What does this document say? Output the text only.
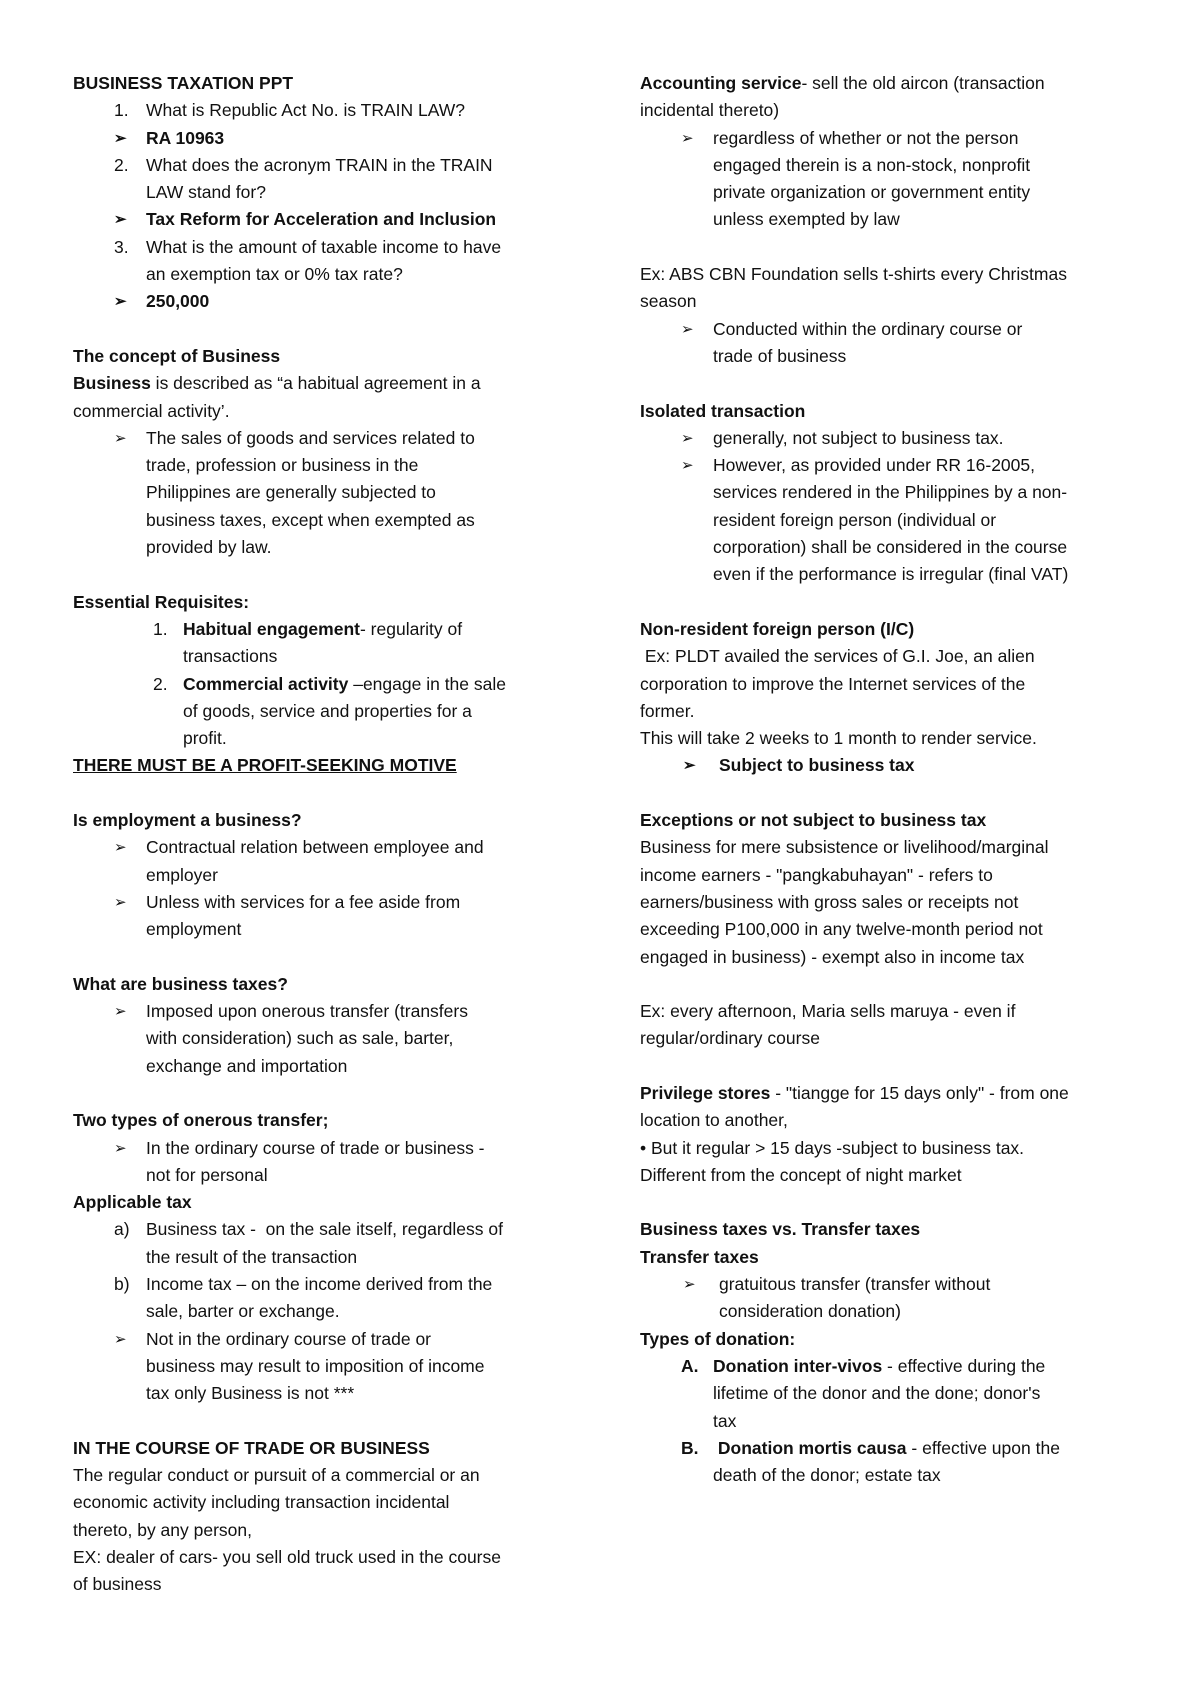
BUSINESS TAXATION PPT
1. What is Republic Act No. is TRAIN LAW?
➢ RA 10963
2. What does the acronym TRAIN in the TRAIN
LAW stand for?
➢ Tax Reform for Acceleration and Inclusion
3. What is the amount of taxable income to have
an exemption tax or 0% tax rate?
➢ 250,000
The concept of Business
Business is described as “a habitual agreement in a
commercial activity’.
➢ The sales of goods and services related to
trade, profession or business in the
Philippines are generally subjected to
business taxes, except when exempted as
provided by law.
Essential Requisites:
1. Habitual engagement- regularity of
transactions
2. Commercial activity –engage in the sale
of goods, service and properties for a
profit.
THERE MUST BE A PROFIT-SEEKING MOTIVE
Is employment a business?
➢ Contractual relation between employee and
employer
➢ Unless with services for a fee aside from
employment
What are business taxes?
➢ Imposed upon onerous transfer (transfers
with consideration) such as sale, barter,
exchange and importation
Two types of onerous transfer;
➢ In the ordinary course of trade or business -
not for personal
Applicable tax
a) Business tax -  on the sale itself, regardless of
the result of the transaction
b) Income tax – on the income derived from the
sale, barter or exchange.
➢ Not in the ordinary course of trade or
business may result to imposition of income
tax only Business is not ***
IN THE COURSE OF TRADE OR BUSINESS
The regular conduct or pursuit of a commercial or an
economic activity including transaction incidental
thereto, by any person,
EX: dealer of cars- you sell old truck used in the course
of business
Accounting service- sell the old aircon (transaction
incidental thereto)
➢ regardless of whether or not the person
engaged therein is a non-stock, nonprofit
private organization or government entity
unless exempted by law
Ex: ABS CBN Foundation sells t-shirts every Christmas
season
➢ Conducted within the ordinary course or
trade of business
Isolated transaction
➢ generally, not subject to business tax.
➢ However, as provided under RR 16-2005,
services rendered in the Philippines by a non-
resident foreign person (individual or
corporation) shall be considered in the course
even if the performance is irregular (final VAT)
Non-resident foreign person (I/C)
Ex: PLDT availed the services of G.I. Joe, an alien
corporation to improve the Internet services of the
former.
This will take 2 weeks to 1 month to render service.
➢ Subject to business tax
Exceptions or not subject to business tax
Business for mere subsistence or livelihood/marginal
income earners - "pangkabuhayan" - refers to
earners/business with gross sales or receipts not
exceeding P100,000 in any twelve-month period not
engaged in business) - exempt also in income tax
Ex: every afternoon, Maria sells maruya - even if
regular/ordinary course
Privilege stores - "tiangge for 15 days only" - from one
location to another,
• But it regular > 15 days -subject to business tax.
Different from the concept of night market
Business taxes vs. Transfer taxes
Transfer taxes
➢ gratuitous transfer (transfer without
consideration donation)
Types of donation:
A. Donation inter-vivos - effective during the
lifetime of the donor and the done; donor's
tax
B. Donation mortis causa - effective upon the
death of the donor; estate tax
